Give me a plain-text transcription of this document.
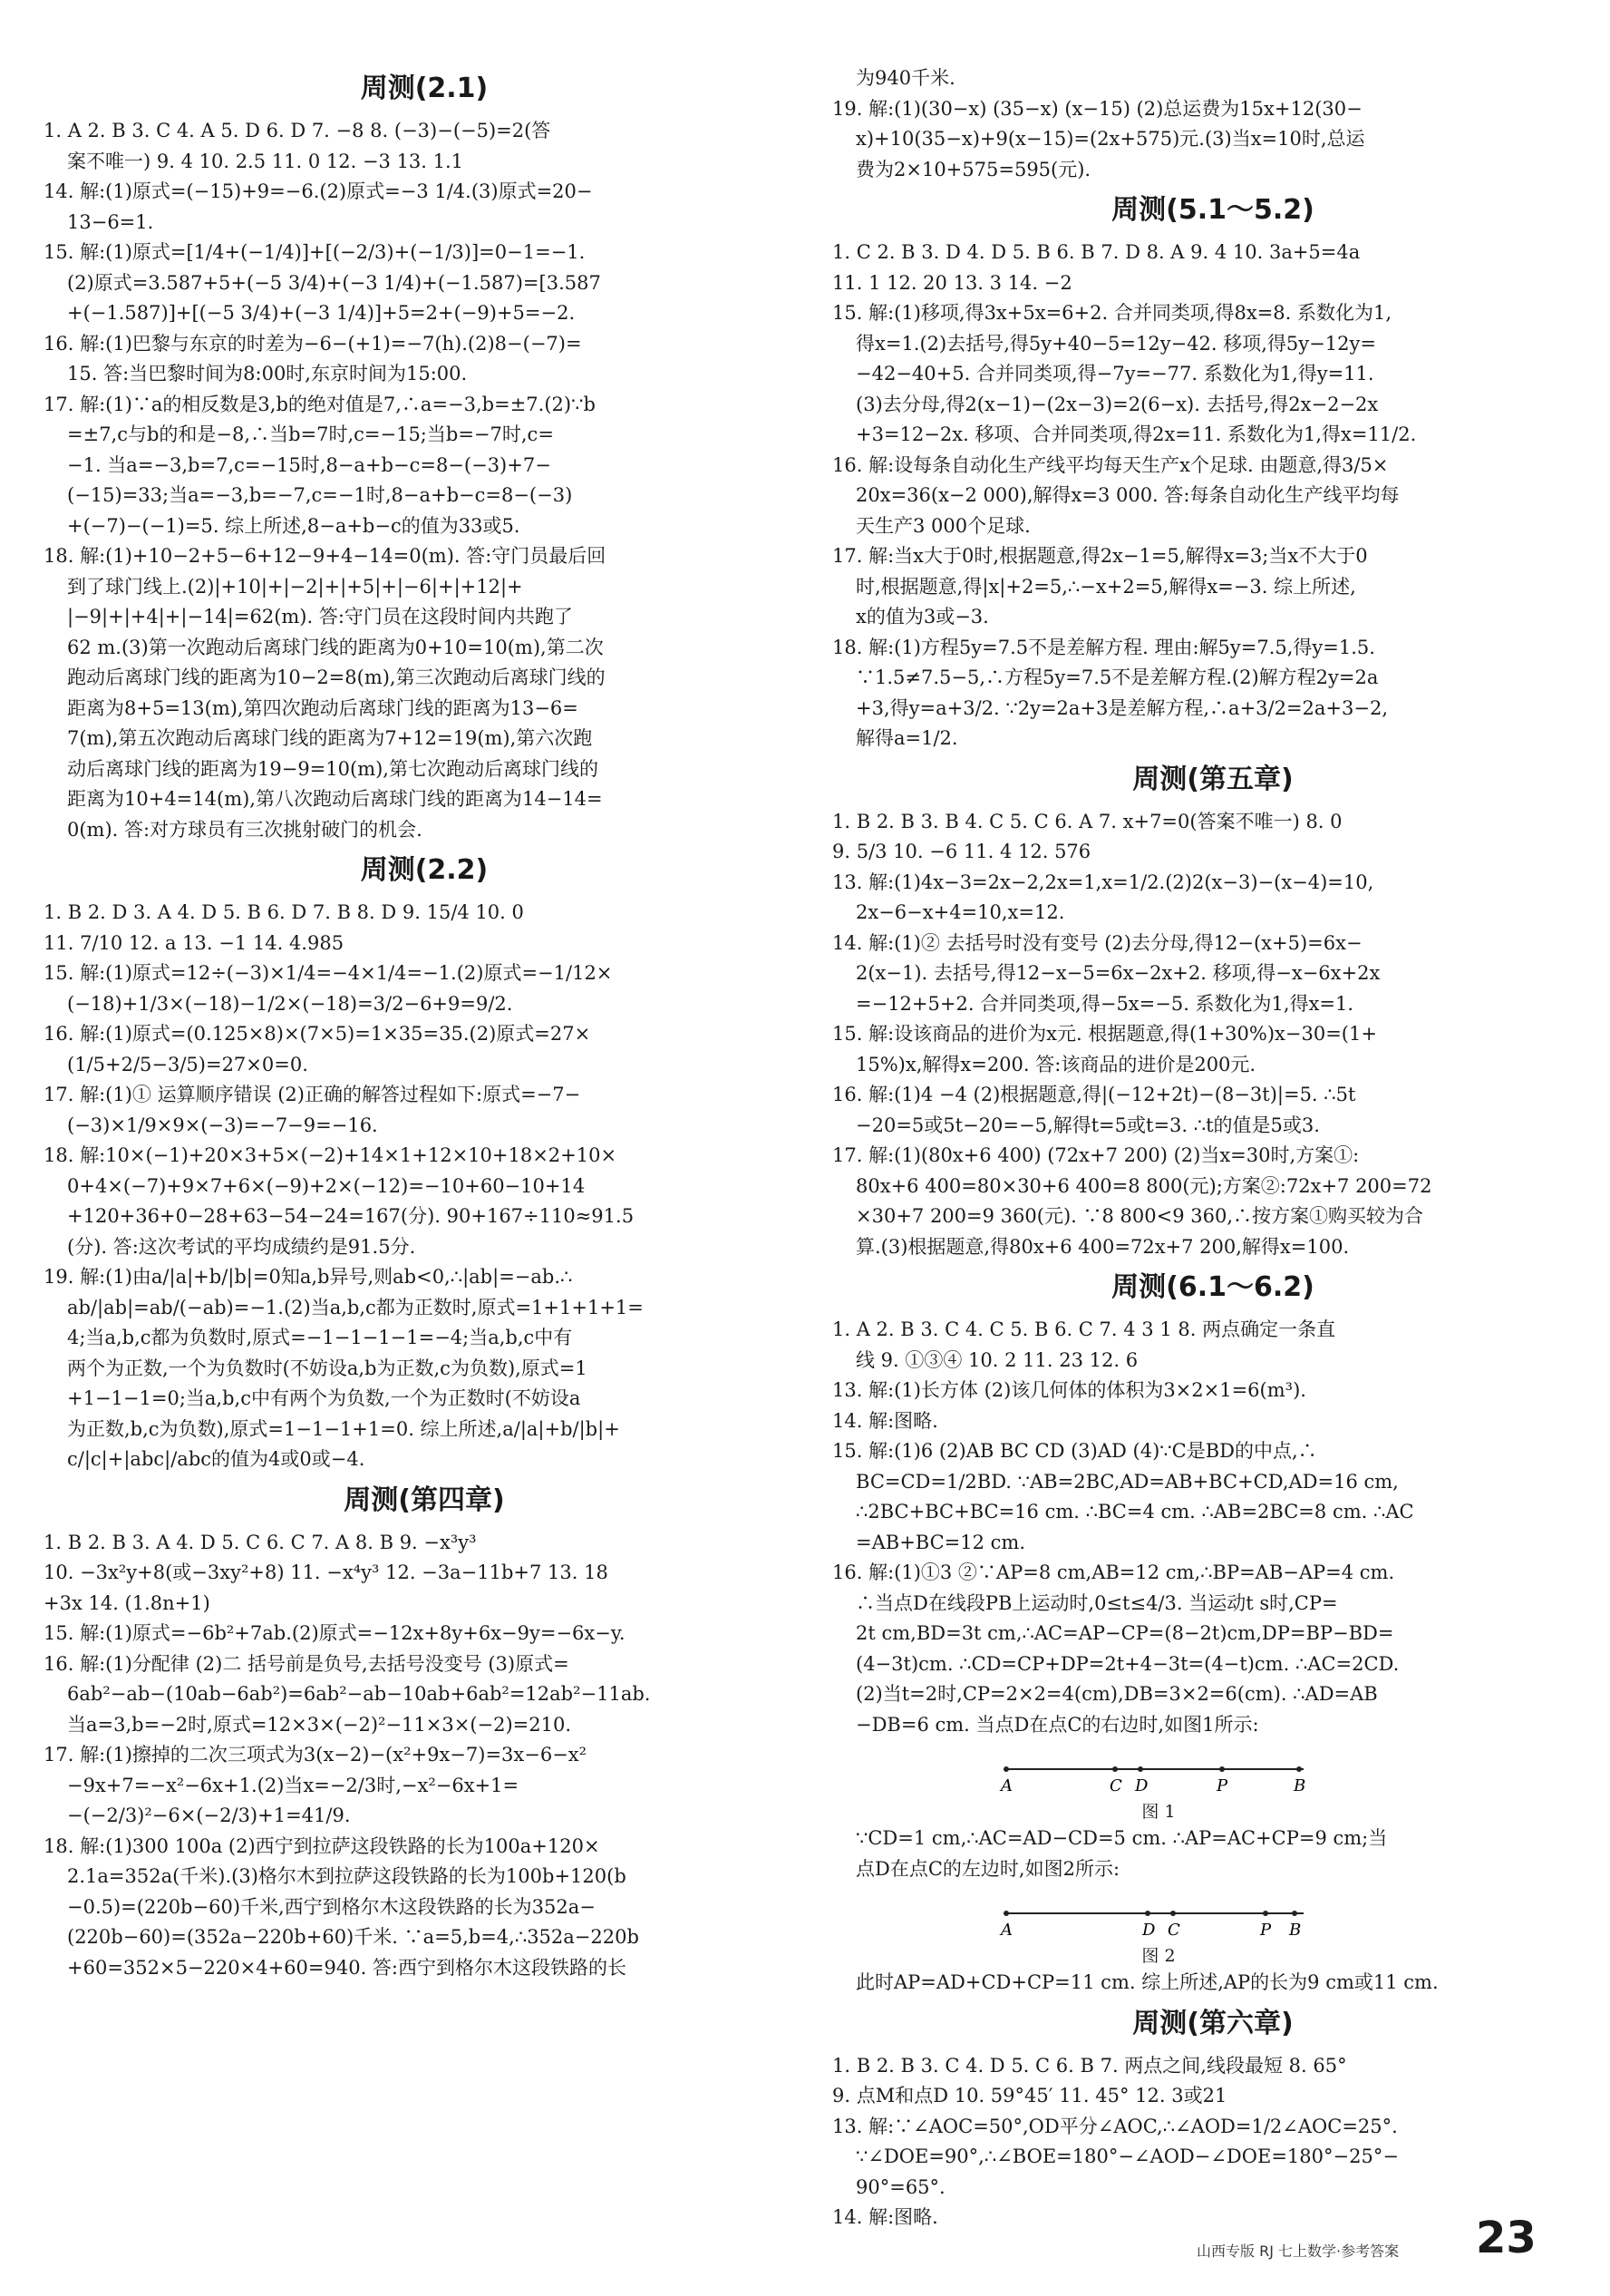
周测(2.1)
1. A 2. B 3. C 4. A 5. D 6. D 7. −8 8. (−3)−(−5)=2(答
案不唯一) 9. 4 10. 2.5 11. 0 12. −3 13. 1.1
14. 解:(1)原式=(−15)+9=−6.(2)原式=−3 1/4.(3)原式=20−
13−6=1.
15. 解:(1)原式=[1/4+(−1/4)]+[(−2/3)+(−1/3)]=0−1=−1.
(2)原式=3.587+5+(−5 3/4)+(−3 1/4)+(−1.587)=[3.587
+(−1.587)]+[(−5 3/4)+(−3 1/4)]+5=2+(−9)+5=−2.
16. 解:(1)巴黎与东京的时差为−6−(+1)=−7(h).(2)8−(−7)=
15. 答:当巴黎时间为8:00时,东京时间为15:00.
17. 解:(1)∵a的相反数是3,b的绝对值是7,∴a=−3,b=±7.(2)∵b
=±7,c与b的和是−8,∴当b=7时,c=−15;当b=−7时,c=
−1. 当a=−3,b=7,c=−15时,8−a+b−c=8−(−3)+7−
(−15)=33;当a=−3,b=−7,c=−1时,8−a+b−c=8−(−3)
+(−7)−(−1)=5. 综上所述,8−a+b−c的值为33或5.
18. 解:(1)+10−2+5−6+12−9+4−14=0(m). 答:守门员最后回
到了球门线上.(2)|+10|+|−2|+|+5|+|−6|+|+12|+
|−9|+|+4|+|−14|=62(m). 答:守门员在这段时间内共跑了
62 m.(3)第一次跑动后离球门线的距离为0+10=10(m),第二次
跑动后离球门线的距离为10−2=8(m),第三次跑动后离球门线的
距离为8+5=13(m),第四次跑动后离球门线的距离为13−6=
7(m),第五次跑动后离球门线的距离为7+12=19(m),第六次跑
动后离球门线的距离为19−9=10(m),第七次跑动后离球门线的
距离为10+4=14(m),第八次跑动后离球门线的距离为14−14=
0(m). 答:对方球员有三次挑射破门的机会.
周测(2.2)
1. B 2. D 3. A 4. D 5. B 6. D 7. B 8. D 9. 15/4 10. 0
11. 7/10 12. a 13. −1 14. 4.985
15. 解:(1)原式=12÷(−3)×1/4=−4×1/4=−1.(2)原式=−1/12×
(−18)+1/3×(−18)−1/2×(−18)=3/2−6+9=9/2.
16. 解:(1)原式=(0.125×8)×(7×5)=1×35=35.(2)原式=27×
(1/5+2/5−3/5)=27×0=0.
17. 解:(1)① 运算顺序错误 (2)正确的解答过程如下:原式=−7−
(−3)×1/9×9×(−3)=−7−9=−16.
18. 解:10×(−1)+20×3+5×(−2)+14×1+12×10+18×2+10×
0+4×(−7)+9×7+6×(−9)+2×(−12)=−10+60−10+14
+120+36+0−28+63−54−24=167(分). 90+167÷110≈91.5
(分). 答:这次考试的平均成绩约是91.5分.
19. 解:(1)由a/|a|+b/|b|=0知a,b异号,则ab<0,∴|ab|=−ab.∴
ab/|ab|=ab/(−ab)=−1.(2)当a,b,c都为正数时,原式=1+1+1+1=
4;当a,b,c都为负数时,原式=−1−1−1−1=−4;当a,b,c中有
两个为正数,一个为负数时(不妨设a,b为正数,c为负数),原式=1
+1−1−1=0;当a,b,c中有两个为负数,一个为正数时(不妨设a
为正数,b,c为负数),原式=1−1−1+1=0. 综上所述,a/|a|+b/|b|+
c/|c|+|abc|/abc的值为4或0或−4.
周测(第四章)
1. B 2. B 3. A 4. D 5. C 6. C 7. A 8. B 9. −x³y³
10. −3x²y+8(或−3xy²+8) 11. −x⁴y³ 12. −3a−11b+7 13. 18
+3x 14. (1.8n+1)
15. 解:(1)原式=−6b²+7ab.(2)原式=−12x+8y+6x−9y=−6x−y.
16. 解:(1)分配律 (2)二 括号前是负号,去括号没变号 (3)原式=
6ab²−ab−(10ab−6ab²)=6ab²−ab−10ab+6ab²=12ab²−11ab.
当a=3,b=−2时,原式=12×3×(−2)²−11×3×(−2)=210.
17. 解:(1)擦掉的二次三项式为3(x−2)−(x²+9x−7)=3x−6−x²
−9x+7=−x²−6x+1.(2)当x=−2/3时,−x²−6x+1=
−(−2/3)²−6×(−2/3)+1=41/9.
18. 解:(1)300 100a (2)西宁到拉萨这段铁路的长为100a+120×
2.1a=352a(千米).(3)格尔木到拉萨这段铁路的长为100b+120(b
−0.5)=(220b−60)千米,西宁到格尔木这段铁路的长为352a−
(220b−60)=(352a−220b+60)千米. ∵a=5,b=4,∴352a−220b
+60=352×5−220×4+60=940. 答:西宁到格尔木这段铁路的长
为940千米.
19. 解:(1)(30−x) (35−x) (x−15) (2)总运费为15x+12(30−
x)+10(35−x)+9(x−15)=(2x+575)元.(3)当x=10时,总运
费为2×10+575=595(元).
周测(5.1～5.2)
1. C 2. B 3. D 4. D 5. B 6. B 7. D 8. A 9. 4 10. 3a+5=4a
11. 1 12. 20 13. 3 14. −2
15. 解:(1)移项,得3x+5x=6+2. 合并同类项,得8x=8. 系数化为1,
得x=1.(2)去括号,得5y+40−5=12y−42. 移项,得5y−12y=
−42−40+5. 合并同类项,得−7y=−77. 系数化为1,得y=11.
(3)去分母,得2(x−1)−(2x−3)=2(6−x). 去括号,得2x−2−2x
+3=12−2x. 移项、合并同类项,得2x=11. 系数化为1,得x=11/2.
16. 解:设每条自动化生产线平均每天生产x个足球. 由题意,得3/5×
20x=36(x−2 000),解得x=3 000. 答:每条自动化生产线平均每
天生产3 000个足球.
17. 解:当x大于0时,根据题意,得2x−1=5,解得x=3;当x不大于0
时,根据题意,得|x|+2=5,∴−x+2=5,解得x=−3. 综上所述,
x的值为3或−3.
18. 解:(1)方程5y=7.5不是差解方程. 理由:解5y=7.5,得y=1.5.
∵1.5≠7.5−5,∴方程5y=7.5不是差解方程.(2)解方程2y=2a
+3,得y=a+3/2. ∵2y=2a+3是差解方程,∴a+3/2=2a+3−2,
解得a=1/2.
周测(第五章)
1. B 2. B 3. B 4. C 5. C 6. A 7. x+7=0(答案不唯一) 8. 0
9. 5/3 10. −6 11. 4 12. 576
13. 解:(1)4x−3=2x−2,2x=1,x=1/2.(2)2(x−3)−(x−4)=10,
2x−6−x+4=10,x=12.
14. 解:(1)② 去括号时没有变号 (2)去分母,得12−(x+5)=6x−
2(x−1). 去括号,得12−x−5=6x−2x+2. 移项,得−x−6x+2x
=−12+5+2. 合并同类项,得−5x=−5. 系数化为1,得x=1.
15. 解:设该商品的进价为x元. 根据题意,得(1+30%)x−30=(1+
15%)x,解得x=200. 答:该商品的进价是200元.
16. 解:(1)4 −4 (2)根据题意,得|(−12+2t)−(8−3t)|=5. ∴5t
−20=5或5t−20=−5,解得t=5或t=3. ∴t的值是5或3.
17. 解:(1)(80x+6 400) (72x+7 200) (2)当x=30时,方案①:
80x+6 400=80×30+6 400=8 800(元);方案②:72x+7 200=72
×30+7 200=9 360(元). ∵8 800<9 360,∴按方案①购买较为合
算.(3)根据题意,得80x+6 400=72x+7 200,解得x=100.
周测(6.1～6.2)
1. A 2. B 3. C 4. C 5. B 6. C 7. 4 3 1 8. 两点确定一条直
线 9. ①③④ 10. 2 11. 23 12. 6
13. 解:(1)长方体 (2)该几何体的体积为3×2×1=6(m³).
14. 解:图略.
15. 解:(1)6 (2)AB BC CD (3)AD (4)∵C是BD的中点,∴
BC=CD=1/2BD. ∵AB=2BC,AD=AB+BC+CD,AD=16 cm,
∴2BC+BC+BC=16 cm. ∴BC=4 cm. ∴AB=2BC=8 cm. ∴AC
=AB+BC=12 cm.
16. 解:(1)①3 ②∵AP=8 cm,AB=12 cm,∴BP=AB−AP=4 cm.
∴当点D在线段PB上运动时,0≤t≤4/3. 当运动t s时,CP=
2t cm,BD=3t cm,∴AC=AP−CP=(8−2t)cm,DP=BP−BD=
(4−3t)cm. ∴CD=CP+DP=2t+4−3t=(4−t)cm. ∴AC=2CD.
(2)当t=2时,CP=2×2=4(cm),DB=3×2=6(cm). ∴AD=AB
−DB=6 cm. 当点D在点C的右边时,如图1所示:
A	C D	P	B
图 1
∵CD=1 cm,∴AC=AD−CD=5 cm. ∴AP=AC+CP=9 cm;当
点D在点C的左边时,如图2所示:
A	D C	P B
图 2
此时AP=AD+CD+CP=11 cm. 综上所述,AP的长为9 cm或11 cm.
周测(第六章)
1. B 2. B 3. C 4. D 5. C 6. B 7. 两点之间,线段最短 8. 65°
9. 点M和点D 10. 59°45′ 11. 45° 12. 3或21
13. 解:∵∠AOC=50°,OD平分∠AOC,∴∠AOD=1/2∠AOC=25°.
∵∠DOE=90°,∴∠BOE=180°−∠AOD−∠DOE=180°−25°−
90°=65°.
14. 解:图略.
山西专版 RJ 七上数学·参考答案 23
